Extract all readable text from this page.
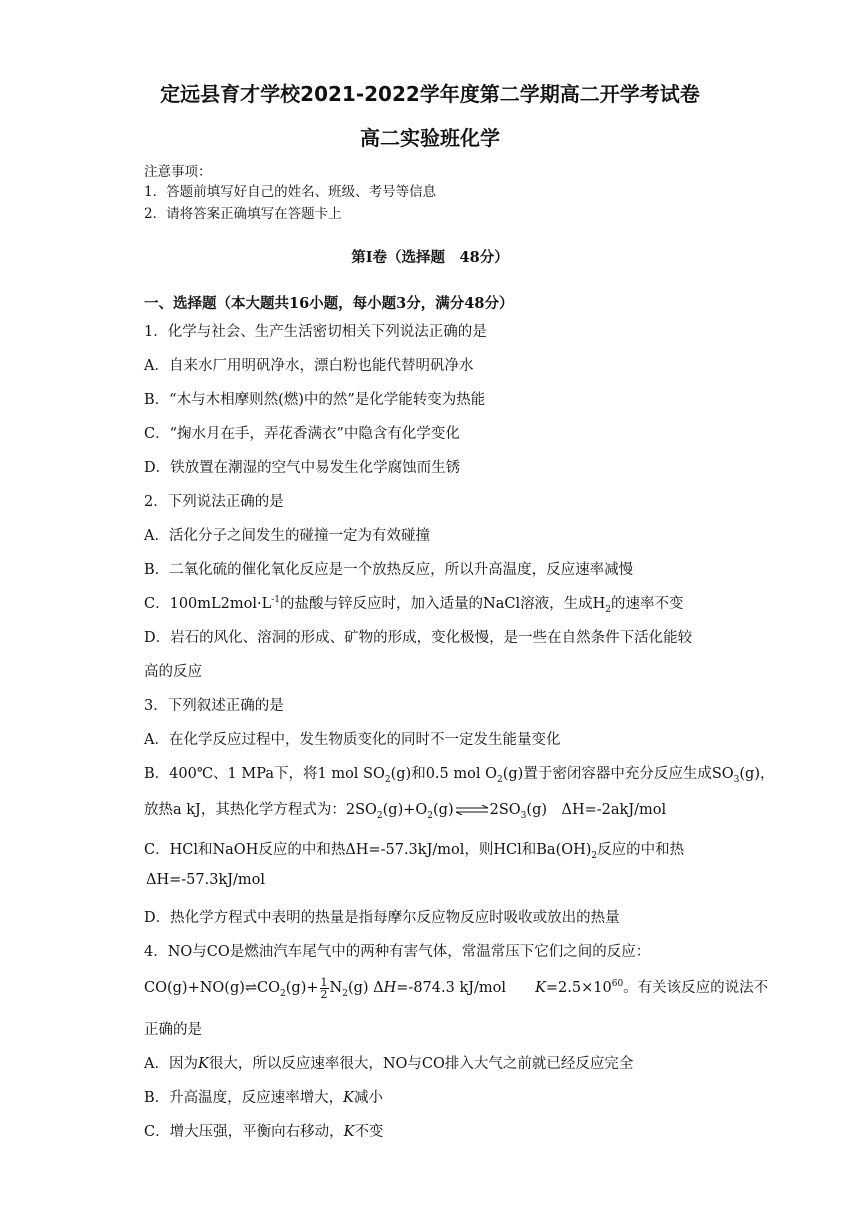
定远县育才学校2021-2022学年度第二学期高二开学考试卷
高二实验班化学
注意事项：
1．答题前填写好自己的姓名、班级、考号等信息
2．请将答案正确填写在答题卡上
第I卷（选择题　48分）
一、选择题（本大题共16小题，每小题3分，满分48分）
1．化学与社会、生产生活密切相关下列说法正确的是
A．自来水厂用明矾净水，漂白粉也能代替明矾净水
B．“木与木相摩则然(燃)中的然”是化学能转变为热能
C．“掬水月在手，弄花香满衣”中隐含有化学变化
D．铁放置在潮湿的空气中易发生化学腐蚀而生锈
2．下列说法正确的是
A．活化分子之间发生的碰撞一定为有效碰撞
B．二氧化硫的催化氧化反应是一个放热反应，所以升高温度，反应速率减慢
C．$100mL2mol\cdot L^{-1}$的盐酸与锌反应时，加入适量的NaCl溶液，生成$H_2$的速率不变
D．岩石的风化、溶洞的形成、矿物的形成，变化极慢，是一些在自然条件下活化能较
高的反应
3．下列叙述正确的是
A．在化学反应过程中，发生物质变化的同时不一定发生能量变化
B．400℃、1 MPa下，将1 mol $SO_2(g)$和0.5 mol $O_2(g)$置于密闭容器中充分反应生成$SO_3(g)$，
放热a kJ，其热化学方程式为：$2SO_2(g)+O_2(g)\rightleftharpoons 2SO_3(g)$　ΔH=-2akJ/mol
C．HCl和NaOH反应的中和热ΔH=-57.3kJ/mol，则HCl和$Ba(OH)_2$反应的中和热
ΔH=-57.3kJ/mol
D．热化学方程式中表明的热量是指每摩尔反应物反应时吸收或放出的热量
4．NO与CO是燃油汽车尾气中的两种有害气体，常温常压下它们之间的反应：
$CO(g)+NO(g)\rightleftharpoons CO_2(g)+ \frac{1}{2} N_2(g)$ ΔH=-874.3 kJ/mol　　$K=2.5\times 10^{60}$。有关该反应的说法不
正确的是
A．因为K很大，所以反应速率很大，NO与CO排入大气之前就已经反应完全
B．升高温度，反应速率增大，K减小
C．增大压强，平衡向右移动，K不变
